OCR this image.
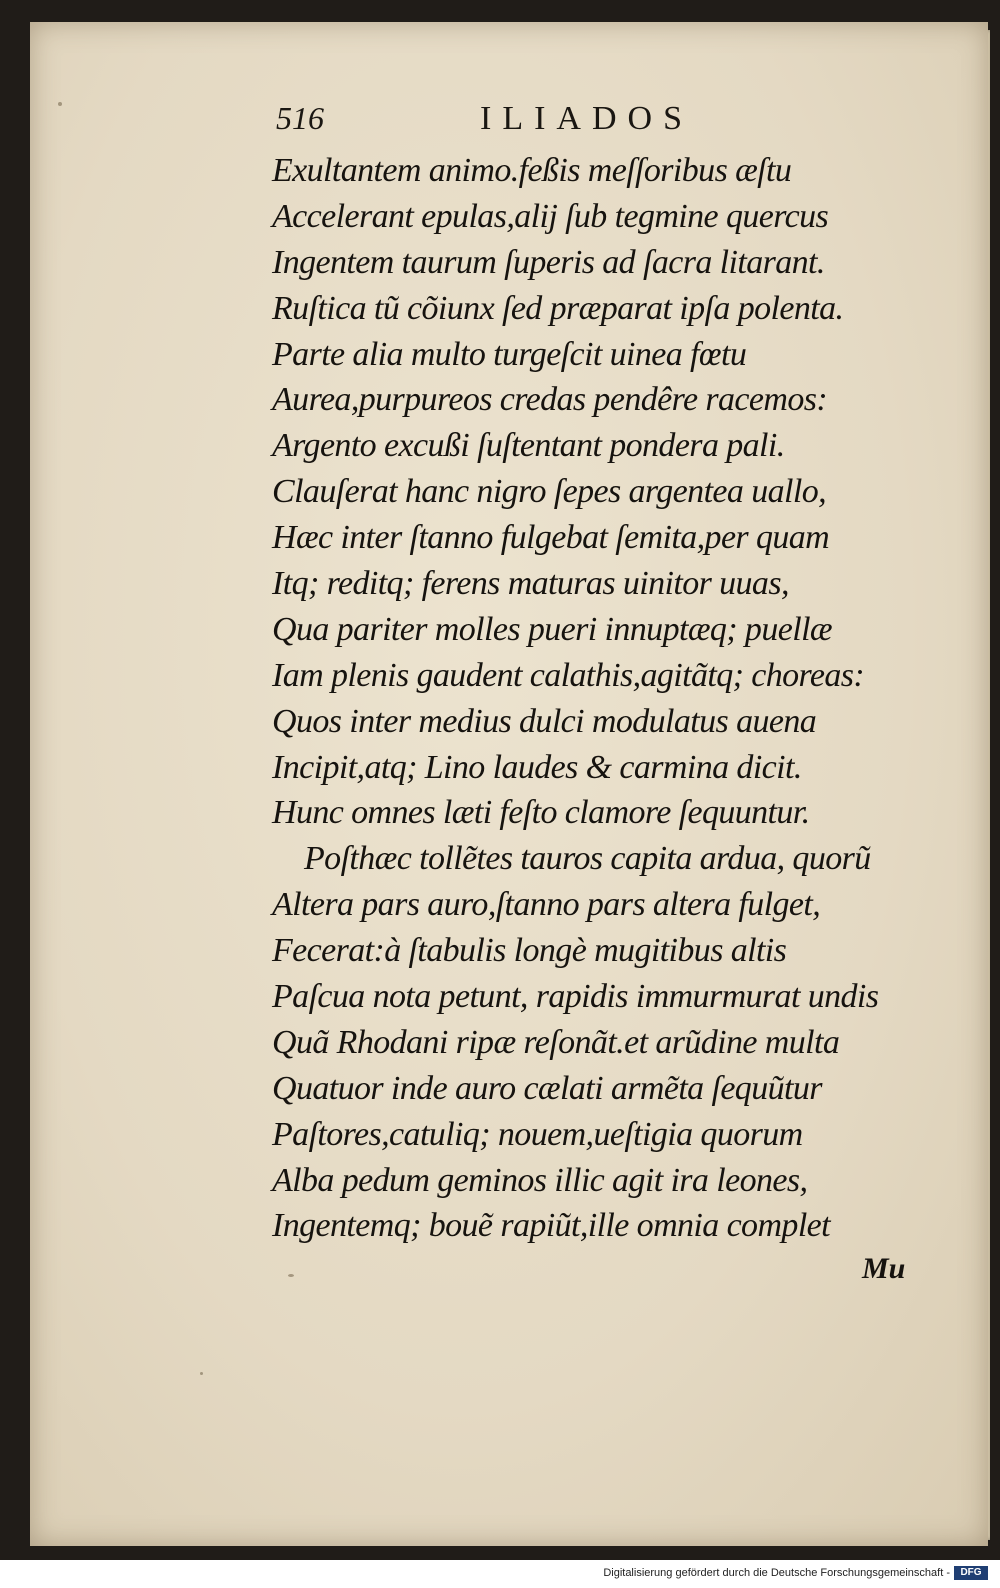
516	ILIADOS
Exultantem animo.feßis meſſoribus æſtu
Accelerant epulas,alij ſub tegmine quercus
Ingentem taurum ſuperis ad ſacra litarant.
Ruſtica tũ cõiunx ſed præparat ipſa polenta.
Parte alia multo turgeſcit uinea fœtu
Aurea,purpureos credas pendêre racemos:
Argento excußi ſuſtentant pondera pali.
Clauſerat hanc nigro ſepes argentea uallo,
Hæc inter ſtanno fulgebat ſemita,per quam
Itq; reditq; ferens maturas uinitor uuas,
Qua pariter molles pueri innuptæq; puellæ
Iam plenis gaudent calathis,agitãtq; choreas:
Quos inter medius dulci modulatus auena
Incipit,atq; Lino laudes & carmina dicit.
Hunc omnes læti feſto clamore ſequuntur.
Poſthæc tollẽtes tauros capita ardua, quorũ
Altera pars auro,ſtanno pars altera fulget,
Fecerat:à ſtabulis longè mugitibus altis
Paſcua nota petunt, rapidis immurmurat undis
Quã Rhodani ripæ reſonãt.et arũdine multa
Quatuor inde auro cælati armẽta ſequũtur
Paſtores,catuliq; nouem,ueſtigia quorum
Alba pedum geminos illic agit ira leones,
Ingentemq; bouẽ rapiũt,ille omnia complet
Mu
Digitalisierung gefördert durch die Deutsche Forschungsgemeinschaft -	DFG
